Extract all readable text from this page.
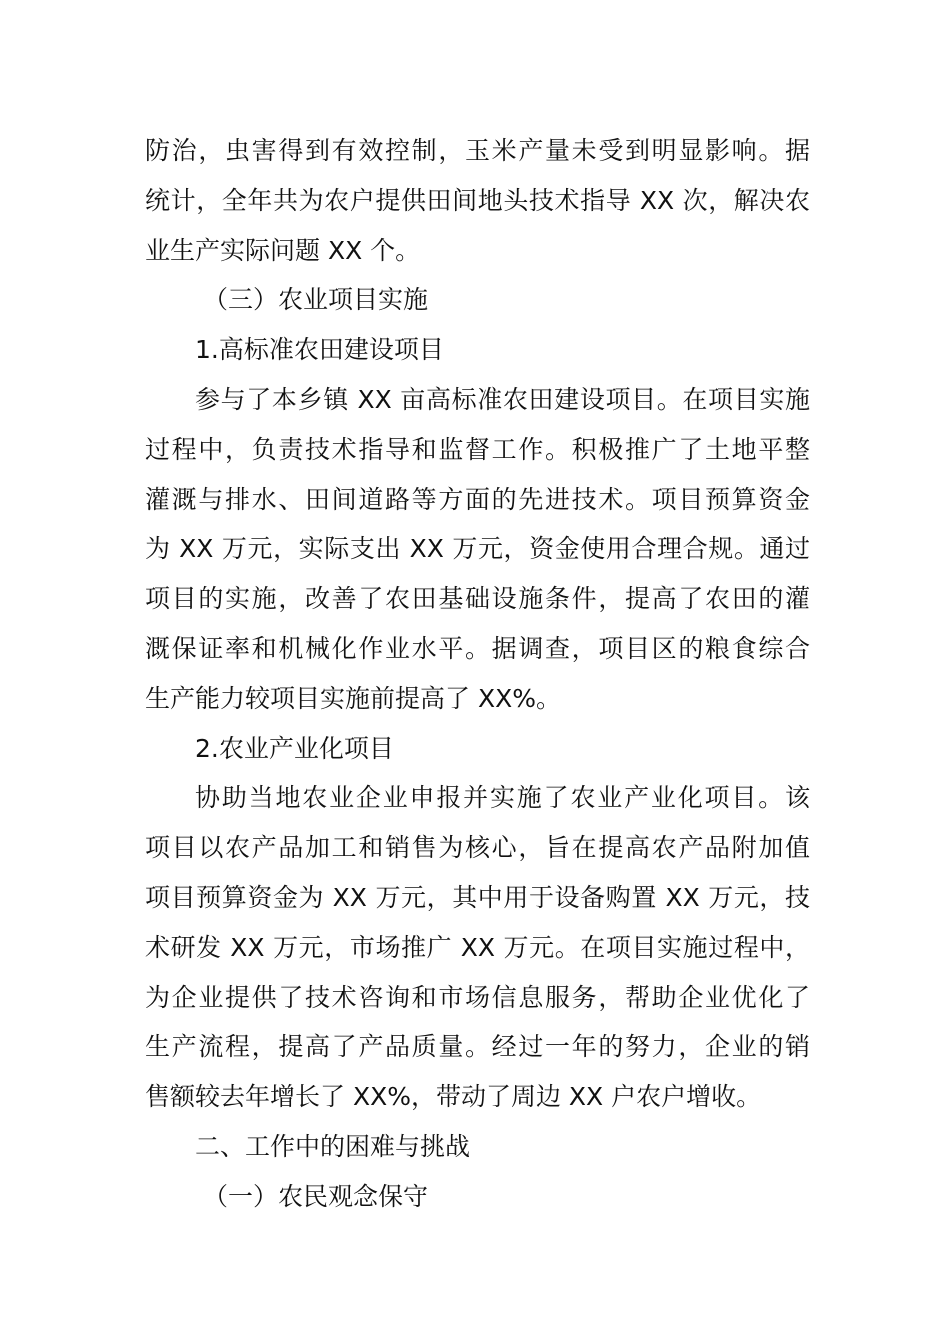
防治，虫害得到有效控制，玉米产量未受到明显影响。据
统计，全年共为农户提供田间地头技术指导 XX 次，解决农
业生产实际问题 XX 个。
（三）农业项目实施
1.高标准农田建设项目
参与了本乡镇 XX 亩高标准农田建设项目。在项目实施
过程中，负责技术指导和监督工作。积极推广了土地平整
灌溉与排水、田间道路等方面的先进技术。项目预算资金
为 XX 万元，实际支出 XX 万元，资金使用合理合规。通过
项目的实施，改善了农田基础设施条件，提高了农田的灌
溉保证率和机械化作业水平。据调查，项目区的粮食综合
生产能力较项目实施前提高了 XX%。
2.农业产业化项目
协助当地农业企业申报并实施了农业产业化项目。该
项目以农产品加工和销售为核心，旨在提高农产品附加值
项目预算资金为 XX 万元，其中用于设备购置 XX 万元，技
术研发 XX 万元，市场推广 XX 万元。在项目实施过程中，
为企业提供了技术咨询和市场信息服务，帮助企业优化了
生产流程，提高了产品质量。经过一年的努力，企业的销
售额较去年增长了 XX%，带动了周边 XX 户农户增收。
二、工作中的困难与挑战
（一）农民观念保守
